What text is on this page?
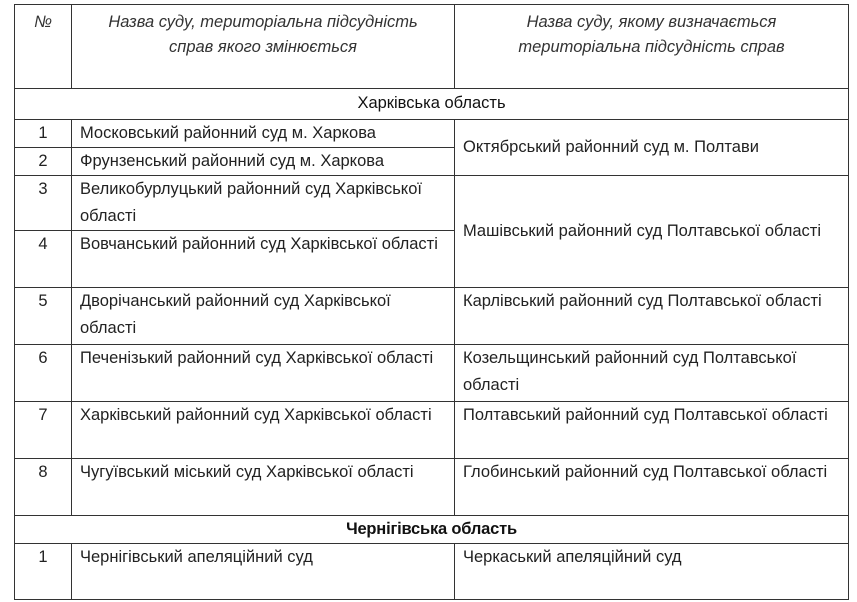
№	Назва суду, територіальна підсудність справ якого змінюється	Назва суду, якому визначається територіальна підсудність справ
Харківська область		
1	Московський районний суд м. Харкова	Октябрський районний суд м. Полтави
2	Фрунзенський районний суд м. Харкова	
3	Великобурлуцький районний суд Харківської області	Машівський районний суд Полтавської області
4	Вовчанський районний суд Харківської області	
5	Дворічанський районний суд Харківської області	Карлівський районний суд Полтавської області
6	Печенізький районний суд Харківської області	Козельщинський районний суд Полтавської області
7	Харківський районний суд Харківської області	Полтавський районний суд Полтавської області
8	Чугуївський міський суд Харківської області	Глобинський районний суд Полтавської області
Чернігівська область		
1	Чернігівський апеляційний суд	Черкаський апеляційний суд
